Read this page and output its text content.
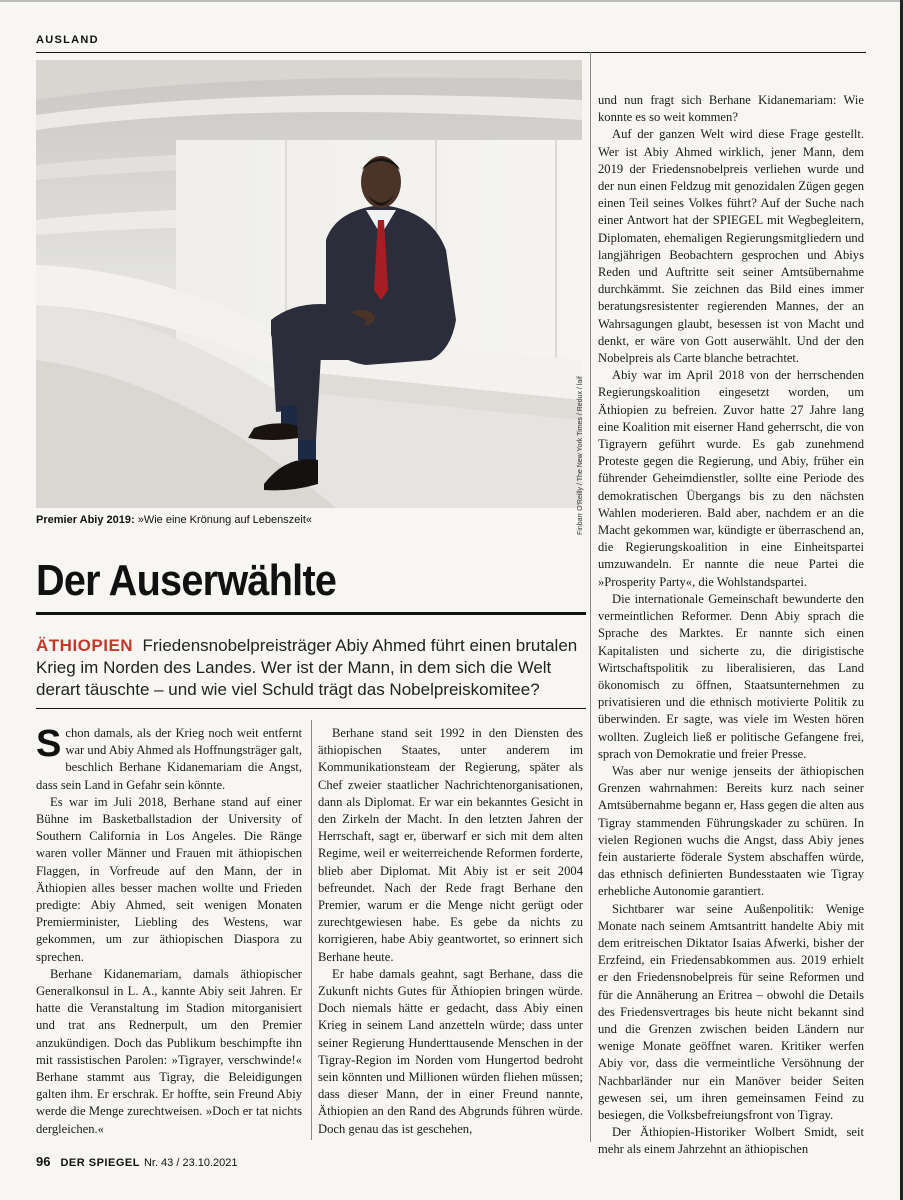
AUSLAND
Finbarr O'Reilly / The New York Times / Redux / laif
Premier Abiy 2019: »Wie eine Krönung auf Lebenszeit«
Der Auserwählte
ÄTHIOPIEN Friedensnobelpreisträger Abiy Ahmed führt einen brutalen Krieg im Norden des Landes. Wer ist der Mann, in dem sich die Welt derart täuschte – und wie viel Schuld trägt das Nobelpreiskomitee?

Schon damals, als der Krieg noch weit entfernt war und Abiy Ahmed als Hoffnungsträger galt, beschlich Berhane Kidanemariam die Angst, dass sein Land in Gefahr sein könnte.

Es war im Juli 2018, Berhane stand auf einer Bühne im Basketballstadion der University of Southern California in Los Angeles. Die Ränge waren voller Männer und Frauen mit äthiopischen Flaggen, in Vorfreude auf den Mann, der in Äthiopien alles besser machen wollte und Frieden predigte: Abiy Ahmed, seit wenigen Monaten Premierminister, Liebling des Westens, war gekommen, um zur äthiopischen Diaspora zu sprechen.

Berhane Kidanemariam, damals äthiopischer Generalkonsul in L. A., kannte Abiy seit Jahren. Er hatte die Veranstaltung im Stadion mitorganisiert und trat ans Rednerpult, um den Premier anzukündigen. Doch das Publikum beschimpfte ihn mit rassistischen Parolen: »Tigrayer, verschwinde!« Berhane stammt aus Tigray, die Beleidigungen galten ihm. Er erschrak. Er hoffte, sein Freund Abiy werde die Menge zurechtweisen. »Doch er tat nichts dergleichen.«

Berhane stand seit 1992 in den Diensten des äthiopischen Staates, unter anderem im Kommunikationsteam der Regierung, später als Chef zweier staatlicher Nachrichtenorganisationen, dann als Diplomat. Er war ein bekanntes Gesicht in den Zirkeln der Macht. In den letzten Jahren der Herrschaft, sagt er, überwarf er sich mit dem alten Regime, weil er weiterreichende Reformen forderte, blieb aber Diplomat. Mit Abiy ist er seit 2004 befreundet. Nach der Rede fragt Berhane den Premier, warum er die Menge nicht gerügt oder zurechtgewiesen habe. Es gebe da nichts zu korrigieren, habe Abiy geantwortet, so erinnert sich Berhane heute.

Er habe damals geahnt, sagt Berhane, dass die Zukunft nichts Gutes für Äthiopien bringen würde. Doch niemals hätte er gedacht, dass Abiy einen Krieg in seinem Land anzetteln würde; dass unter seiner Regierung Hunderttausende Menschen in der Tigray-Region im Norden vom Hungertod bedroht sein könnten und Millionen würden fliehen müssen; dass dieser Mann, der in einer Freund nannte, Äthiopien an den Rand des Abgrunds führen würde. Doch genau das ist geschehen,

und nun fragt sich Berhane Kidanemariam: Wie konnte es so weit kommen?

Auf der ganzen Welt wird diese Frage gestellt. Wer ist Abiy Ahmed wirklich, jener Mann, dem 2019 der Friedensnobelpreis verliehen wurde und der nun einen Feldzug mit genozidalen Zügen gegen einen Teil seines Volkes führt? Auf der Suche nach einer Antwort hat der SPIEGEL mit Wegbegleitern, Diplomaten, ehemaligen Regierungsmitgliedern und langjährigen Beobachtern gesprochen und Abiys Reden und Auftritte seit seiner Amtsübernahme durchkämmt. Sie zeichnen das Bild eines immer beratungsresistenter regierenden Mannes, der an Wahrsagungen glaubt, besessen ist von Macht und denkt, er wäre von Gott auserwählt. Und der den Nobelpreis als Carte blanche betrachtet.

Abiy war im April 2018 von der herrschenden Regierungskoalition eingesetzt worden, um Äthiopien zu befreien. Zuvor hatte 27 Jahre lang eine Koalition mit eiserner Hand geherrscht, die von Tigrayern geführt wurde. Es gab zunehmend Proteste gegen die Regierung, und Abiy, früher ein führender Geheimdienstler, sollte eine Periode des demokratischen Übergangs bis zu den nächsten Wahlen moderieren. Bald aber, nachdem er an die Macht gekommen war, kündigte er überraschend an, die Regierungskoalition in eine Einheitspartei umzuwandeln. Er nannte die neue Partei die »Prosperity Party«, die Wohlstandspartei.

Die internationale Gemeinschaft bewunderte den vermeintlichen Reformer. Denn Abiy sprach die Sprache des Marktes. Er nannte sich einen Kapitalisten und sicherte zu, die dirigistische Wirtschaftspolitik zu liberalisieren, das Land ökonomisch zu öffnen, Staatsunternehmen zu privatisieren und die ethnisch motivierte Politik zu überwinden. Er sagte, was viele im Westen hören wollten. Zugleich ließ er politische Gefangene frei, sprach von Demokratie und freier Presse.

Was aber nur wenige jenseits der äthiopischen Grenzen wahrnahmen: Bereits kurz nach seiner Amtsübernahme begann er, Hass gegen die alten aus Tigray stammenden Führungskader zu schüren. In vielen Regionen wuchs die Angst, dass Abiy jenes fein austarierte föderale System abschaffen würde, das ethnisch definierten Bundesstaaten wie Tigray erhebliche Autonomie garantiert.

Sichtbarer war seine Außenpolitik: Wenige Monate nach seinem Amtsantritt handelte Abiy mit dem eritreischen Diktator Isaias Afwerki, bisher der Erzfeind, ein Friedensabkommen aus. 2019 erhielt er den Friedensnobelpreis für seine Reformen und für die Annäherung an Eritrea – obwohl die Details des Friedensvertrages bis heute nicht bekannt sind und die Grenzen zwischen beiden Ländern nur wenige Monate geöffnet waren. Kritiker werfen Abiy vor, dass die vermeintliche Versöhnung der Nachbarländer nur ein Manöver beider Seiten gewesen sei, um ihren gemeinsamen Feind zu besiegen, die Volksbefreiungsfront von Tigray.

Der Äthiopien-Historiker Wolbert Smidt, seit mehr als einem Jahrzehnt an äthiopischen

96 DER SPIEGEL Nr. 43 / 23.10.2021
